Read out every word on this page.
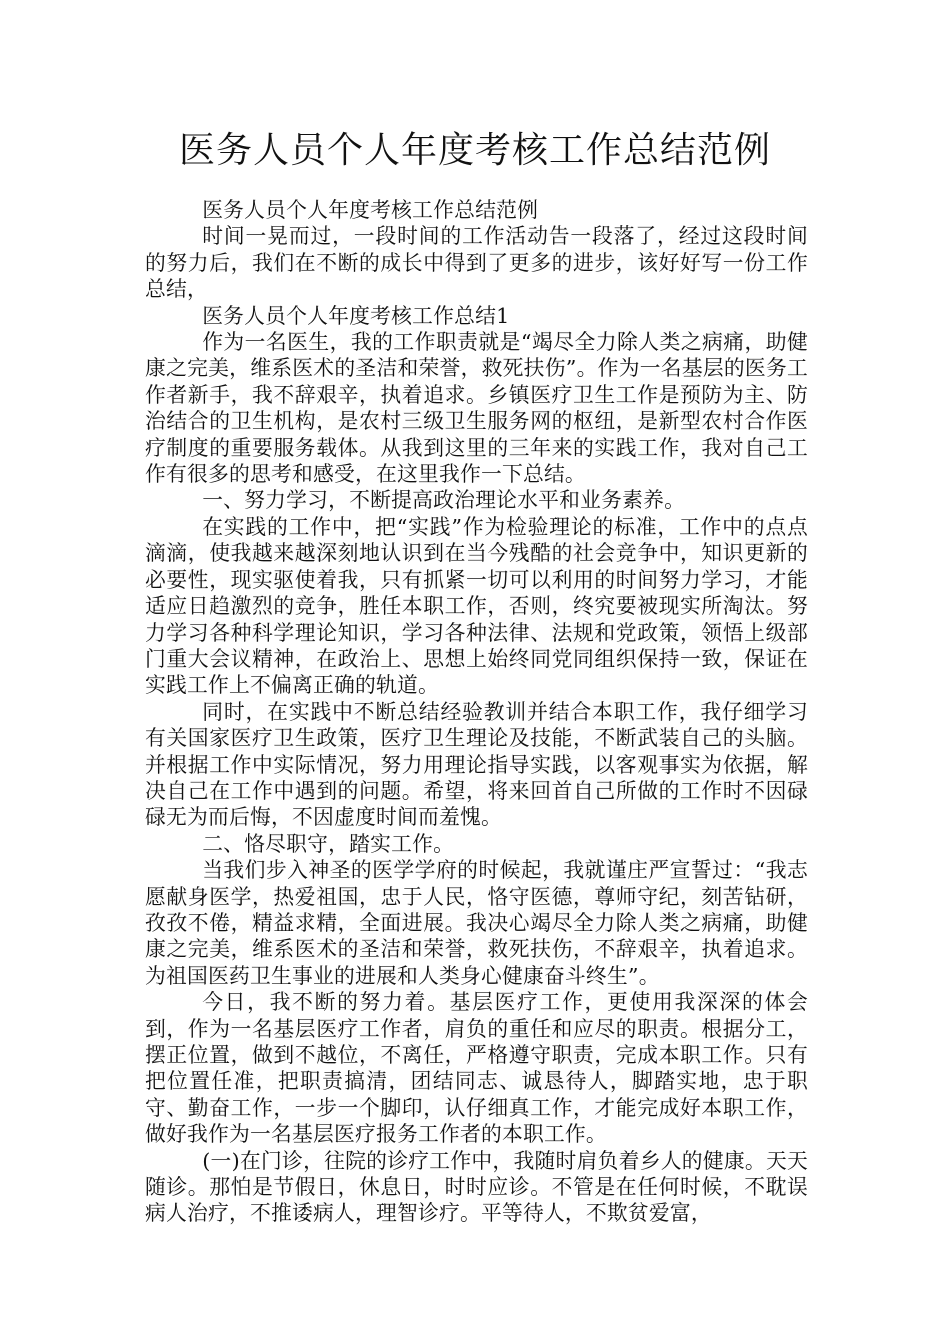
医务人员个人年度考核工作总结范例

医务人员个人年度考核工作总结范例

时间一晃而过，一段时间的工作活动告一段落了，经过这段时间的努力后，我们在不断的成长中得到了更多的进步，该好好写一份工作总结，

医务人员个人年度考核工作总结1

作为一名医生，我的工作职责就是“竭尽全力除人类之病痛，助健康之完美，维系医术的圣洁和荣誉，救死扶伤”。作为一名基层的医务工作者新手，我不辞艰辛，执着追求。乡镇医疗卫生工作是预防为主、防治结合的卫生机构，是农村三级卫生服务网的枢纽，是新型农村合作医疗制度的重要服务载体。从我到这里的三年来的实践工作，我对自己工作有很多的思考和感受，在这里我作一下总结。

一、努力学习，不断提高政治理论水平和业务素养。

在实践的工作中，把“实践”作为检验理论的标准，工作中的点点滴滴，使我越来越深刻地认识到在当今残酷的社会竞争中，知识更新的必要性，现实驱使着我，只有抓紧一切可以利用的时间努力学习，才能适应日趋激烈的竞争，胜任本职工作，否则，终究要被现实所淘汰。努力学习各种科学理论知识，学习各种法律、法规和党政策，领悟上级部门重大会议精神，在政治上、思想上始终同党同组织保持一致，保证在实践工作上不偏离正确的轨道。

同时，在实践中不断总结经验教训并结合本职工作，我仔细学习有关国家医疗卫生政策，医疗卫生理论及技能，不断武装自己的头脑。并根据工作中实际情况，努力用理论指导实践，以客观事实为依据，解决自己在工作中遇到的问题。希望，将来回首自己所做的工作时不因碌碌无为而后悔，不因虚度时间而羞愧。

二、恪尽职守，踏实工作。

当我们步入神圣的医学学府的时候起，我就谨庄严宣誓过：“我志愿献身医学，热爱祖国，忠于人民，恪守医德，尊师守纪，刻苦钻研，孜孜不倦，精益求精，全面进展。我决心竭尽全力除人类之病痛，助健康之完美，维系医术的圣洁和荣誉，救死扶伤，不辞艰辛，执着追求。为祖国医药卫生事业的进展和人类身心健康奋斗终生”。

今日，我不断的努力着。基层医疗工作，更使用我深深的体会到，作为一名基层医疗工作者，肩负的重任和应尽的职责。根据分工，摆正位置，做到不越位，不离任，严格遵守职责，完成本职工作。只有把位置任准，把职责搞清，团结同志、诚恳待人，脚踏实地，忠于职守、勤奋工作，一步一个脚印，认仔细真工作，才能完成好本职工作，做好我作为一名基层医疗报务工作者的本职工作。

(一)在门诊，往院的诊疗工作中，我随时肩负着乡人的健康。天天随诊。那怕是节假日，休息日，时时应诊。不管是在任何时候，不耽误病人治疗，不推诿病人，理智诊疗。平等待人，不欺贫爱富，
